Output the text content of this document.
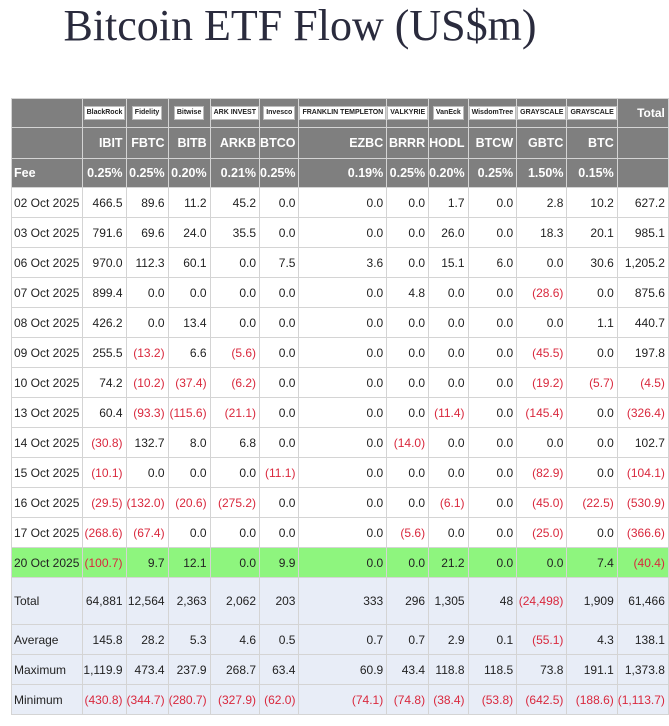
Bitcoin ETF Flow (US$m)
	BlackRock	Fidelity	Bitwise	ARK INVEST	Invesco	FRANKLIN TEMPLETON	VALKYRIE	VanEck	WisdomTree	GRAYSCALE	GRAYSCALE	Total
	IBIT	FBTC	BITB	ARKB	BTCO	EZBC	BRRR	HODL	BTCW	GBTC	BTC	
Fee	0.25%	0.25%	0.20%	0.21%	0.25%	0.19%	0.25%	0.20%	0.25%	1.50%	0.15%	
02 Oct 2025	466.5	89.6	11.2	45.2	0.0	0.0	0.0	1.7	0.0	2.8	10.2	627.2
03 Oct 2025	791.6	69.6	24.0	35.5	0.0	0.0	0.0	26.0	0.0	18.3	20.1	985.1
06 Oct 2025	970.0	112.3	60.1	0.0	7.5	3.6	0.0	15.1	6.0	0.0	30.6	1,205.2
07 Oct 2025	899.4	0.0	0.0	0.0	0.0	0.0	4.8	0.0	0.0	(28.6)	0.0	875.6
08 Oct 2025	426.2	0.0	13.4	0.0	0.0	0.0	0.0	0.0	0.0	0.0	1.1	440.7
09 Oct 2025	255.5	(13.2)	6.6	(5.6)	0.0	0.0	0.0	0.0	0.0	(45.5)	0.0	197.8
10 Oct 2025	74.2	(10.2)	(37.4)	(6.2)	0.0	0.0	0.0	0.0	0.0	(19.2)	(5.7)	(4.5)
13 Oct 2025	60.4	(93.3)	(115.6)	(21.1)	0.0	0.0	0.0	(11.4)	0.0	(145.4)	0.0	(326.4)
14 Oct 2025	(30.8)	132.7	8.0	6.8	0.0	0.0	(14.0)	0.0	0.0	0.0	0.0	102.7
15 Oct 2025	(10.1)	0.0	0.0	0.0	(11.1)	0.0	0.0	0.0	0.0	(82.9)	0.0	(104.1)
16 Oct 2025	(29.5)	(132.0)	(20.6)	(275.2)	0.0	0.0	0.0	(6.1)	0.0	(45.0)	(22.5)	(530.9)
17 Oct 2025	(268.6)	(67.4)	0.0	0.0	0.0	0.0	(5.6)	0.0	0.0	(25.0)	0.0	(366.6)
20 Oct 2025	(100.7)	9.7	12.1	0.0	9.9	0.0	0.0	21.2	0.0	0.0	7.4	(40.4)
Total	64,881	12,564	2,363	2,062	203	333	296	1,305	48	(24,498)	1,909	61,466
Average	145.8	28.2	5.3	4.6	0.5	0.7	0.7	2.9	0.1	(55.1)	4.3	138.1
Maximum	1,119.9	473.4	237.9	268.7	63.4	60.9	43.4	118.8	118.5	73.8	191.1	1,373.8
Minimum	(430.8)	(344.7)	(280.7)	(327.9)	(62.0)	(74.1)	(74.8)	(38.4)	(53.8)	(642.5)	(188.6)	(1,113.7)
